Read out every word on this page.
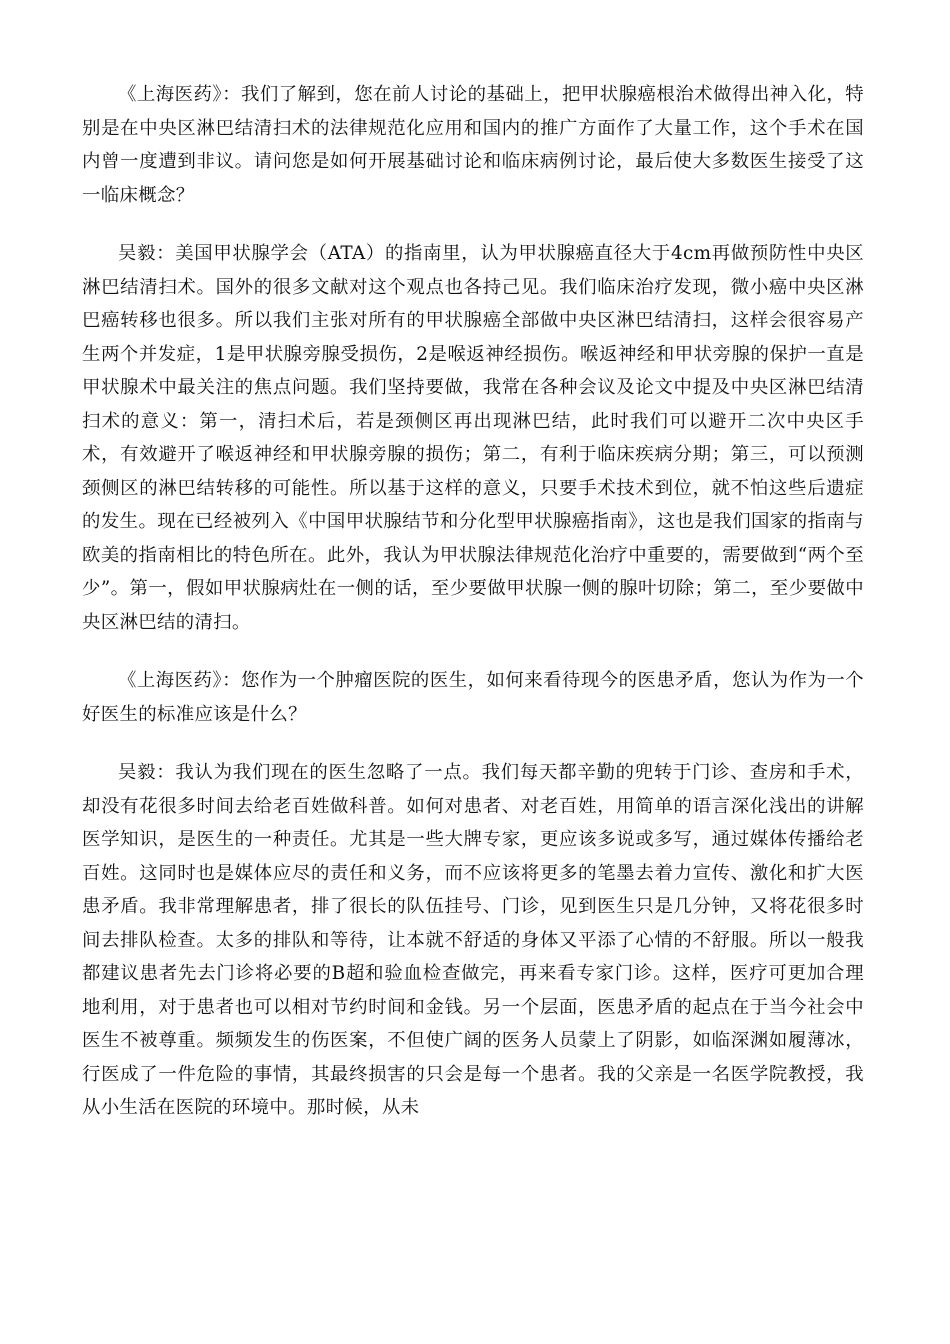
《上海医药》：我们了解到，您在前人讨论的基础上，把甲状腺癌根治术做得出神入化，特别是在中央区淋巴结清扫术的法律规范化应用和国内的推广方面作了大量工作，这个手术在国内曾一度遭到非议。请问您是如何开展基础讨论和临床病例讨论，最后使大多数医生接受了这一临床概念？

吴毅：美国甲状腺学会（ATA）的指南里，认为甲状腺癌直径大于4cm再做预防性中央区淋巴结清扫术。国外的很多文献对这个观点也各持己见。我们临床治疗发现，微小癌中央区淋巴癌转移也很多。所以我们主张对所有的甲状腺癌全部做中央区淋巴结清扫，这样会很容易产生两个并发症，1是甲状腺旁腺受损伤，2是喉返神经损伤。喉返神经和甲状旁腺的保护一直是甲状腺术中最关注的焦点问题。我们坚持要做，我常在各种会议及论文中提及中央区淋巴结清扫术的意义：第一，清扫术后，若是颈侧区再出现淋巴结，此时我们可以避开二次中央区手术，有效避开了喉返神经和甲状腺旁腺的损伤；第二，有利于临床疾病分期；第三，可以预测颈侧区的淋巴结转移的可能性。所以基于这样的意义，只要手术技术到位，就不怕这些后遗症的发生。现在已经被列入《中国甲状腺结节和分化型甲状腺癌指南》，这也是我们国家的指南与欧美的指南相比的特色所在。此外，我认为甲状腺法律规范化治疗中重要的，需要做到“两个至少”。第一，假如甲状腺病灶在一侧的话，至少要做甲状腺一侧的腺叶切除；第二，至少要做中央区淋巴结的清扫。

《上海医药》：您作为一个肿瘤医院的医生，如何来看待现今的医患矛盾，您认为作为一个好医生的标准应该是什么？

吴毅：我认为我们现在的医生忽略了一点。我们每天都辛勤的兜转于门诊、查房和手术，却没有花很多时间去给老百姓做科普。如何对患者、对老百姓，用简单的语言深化浅出的讲解医学知识，是医生的一种责任。尤其是一些大牌专家，更应该多说或多写，通过媒体传播给老百姓。这同时也是媒体应尽的责任和义务，而不应该将更多的笔墨去着力宣传、激化和扩大医患矛盾。我非常理解患者，排了很长的队伍挂号、门诊，见到医生只是几分钟，又将花很多时间去排队检查。太多的排队和等待，让本就不舒适的身体又平添了心情的不舒服。所以一般我都建议患者先去门诊将必要的B超和验血检查做完，再来看专家门诊。这样，医疗可更加合理地利用，对于患者也可以相对节约时间和金钱。另一个层面，医患矛盾的起点在于当今社会中医生不被尊重。频频发生的伤医案，不但使广阔的医务人员蒙上了阴影，如临深渊如履薄冰，行医成了一件危险的事情，其最终损害的只会是每一个患者。我的父亲是一名医学院教授，我从小生活在医院的环境中。那时候，从未
